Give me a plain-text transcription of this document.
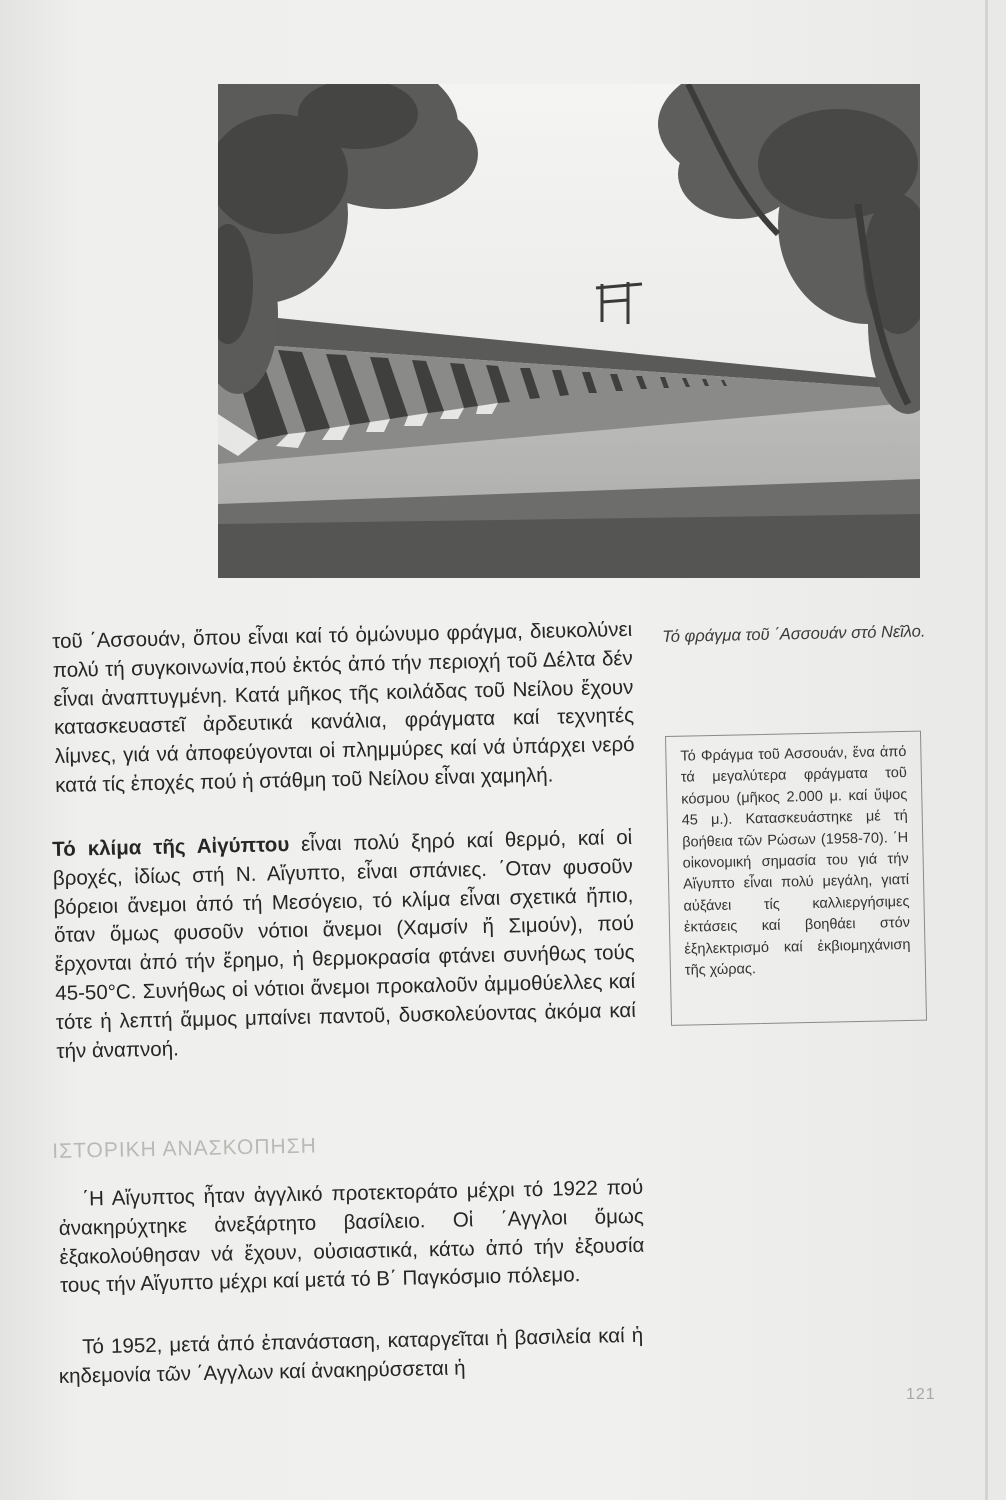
τοῦ ΄Ασσουάν, ὅπου εἶναι καί τό ὁμώνυμο φράγμα, διευκολύνει πολύ τή συγκοινωνία,πού ἐκτός ἀπό τήν περιοχή τοῦ Δέλτα δέν εἶναι ἀναπτυγμένη. Κατά μῆκος τῆς κοιλάδας τοῦ Νείλου ἔχουν κατασκευαστεῖ ἀρδευτικά κανάλια, φράγματα καί τεχνητές λίμνες, γιά νά ἀποφεύγονται οἱ πλημμύρες καί νά ὑπάρχει νερό κατά τίς ἐποχές πού ἡ στάθμη τοῦ Νείλου εἶναι χαμηλή.
Τό κλίμα τῆς Αἰγύπτου εἶναι πολύ ξηρό καί θερμό, καί οἱ βροχές, ἰδίως στή Ν. Αἴγυπτο, εἶναι σπάνιες. ΄Οταν φυσοῦν βόρειοι ἄνεμοι ἀπό τή Μεσόγειο, τό κλίμα εἶναι σχετικά ἤπιο, ὅταν ὅμως φυσοῦν νότιοι ἄνεμοι (Χαμσίν ἤ Σιμούν), πού ἔρχονται ἀπό τήν ἔρημο, ἡ θερμοκρασία φτάνει συνήθως τούς 45-50°C. Συνήθως οἱ νότιοι ἄνεμοι προκαλοῦν ἀμμοθύελλες καί τότε ἡ λεπτή ἄμμος μπαίνει παντοῦ, δυσκολεύοντας ἀκόμα καί τήν ἀναπνοή.
Τό φράγμα τοῦ ΄Ασσουάν στό Νεῖλο.
Τό Φράγμα τοῦ Ασσουάν, ἕνα ἀπό τά μεγαλύτερα φράγματα τοῦ κόσμου (μῆκος 2.000 μ. καί ὕψος 45 μ.). Κατασκευάστηκε μέ τή βοήθεια τῶν Ρώσων (1958-70). ΄Η οἰκονομική σημασία του γιά τήν Αἴγυπτο εἶναι πολύ μεγάλη, γιατί αὐξάνει τίς καλλιεργήσιμες ἐκτάσεις καί βοηθάει στόν ἐξηλεκτρισμό καί ἐκβιομηχάνιση τῆς χώρας.
ΙΣΤΟΡΙΚΗ ΑΝΑΣΚΟΠΗΣΗ
΄Η Αἴγυπτος ἦταν ἀγγλικό προτεκτοράτο μέχρι τό 1922 πού ἀνακηρύχτηκε ἀνεξάρτητο βασίλειο. Οἱ ΄Αγγλοι ὅμως ἐξακολούθησαν νά ἔχουν, οὐσιαστικά, κάτω ἀπό τήν ἐξουσία τους τήν Αἴγυπτο μέχρι καί μετά τό Β΄ Παγκόσμιο πόλεμο.
Τό 1952, μετά ἀπό ἐπανάσταση, καταργεῖται ἡ βασιλεία καί ἡ κηδεμονία τῶν ΄Αγγλων καί ἀνακηρύσσεται ἡ
121
